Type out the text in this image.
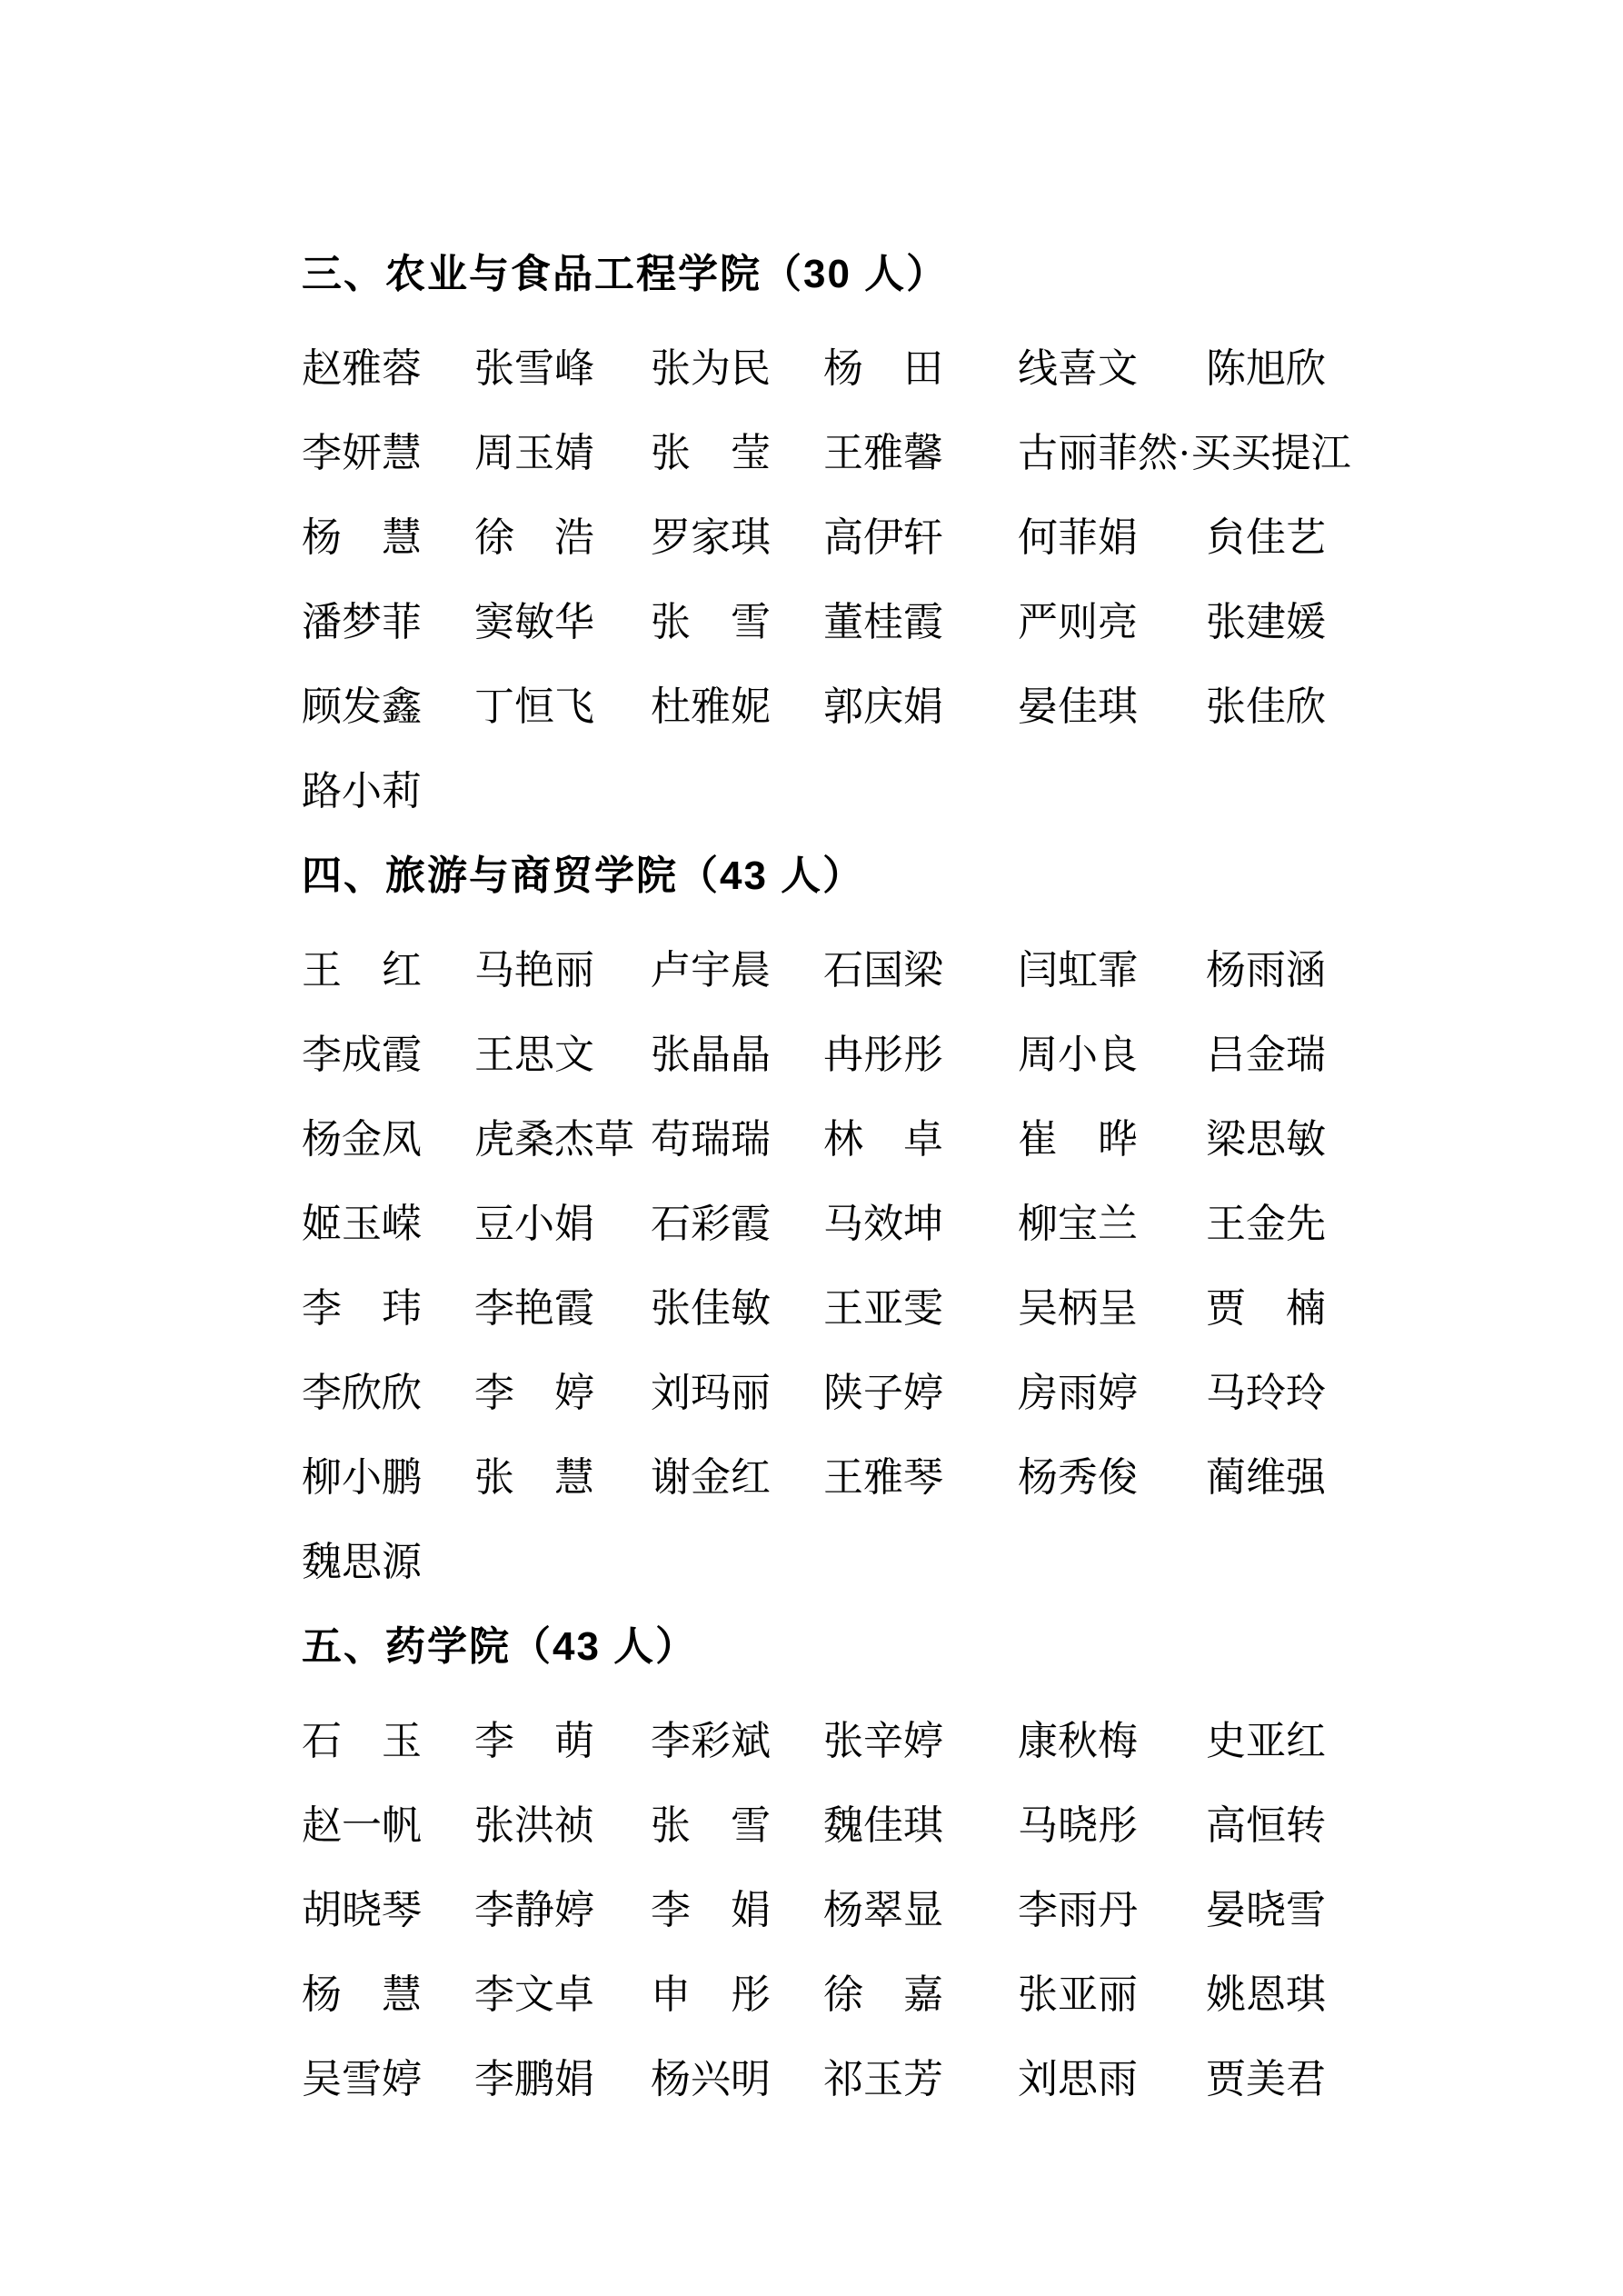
三、农业与食品工程学院（30 人）
赵雅蓉	张雪峰	张为民	杨　田	线喜文	陈旭欣
李妍慧	周玉婧	张　莹	王雅馨	古丽菲然·买买提江
杨　慧	徐　浩	罗家琪	高伊轩	何菲娟	贠佳艺
潘梦菲	窦敏华	张　雪	董桂霞	严则亮	张建媛
顾发鑫	丁恒飞	杜雅妮	郭庆娟	晏佳琪	张佳欣
路小莉
四、旅游与商贸学院（43 人）
王　红	马艳丽	卢宇晨	石国梁	闫虹霏	杨雨涵
李成霞	王思文	张晶晶	冉彤彤	周小良	吕金瑞
杨金凤	虎桑杰草 苟瑞瑞	林　卓	崔　晔	梁思敏
姬玉嵘	豆小娟	石彩霞	马效坤	柳宝兰	王金先
李　玮	李艳霞	张佳敏	王亚雯	吴柄呈	贾　楠
李欣欣	李　婷	刘玛丽	陕子婷	房雨婷	马玲玲
柳小鹏	张　慧	谢金红	王雅琴	杨秀俊	蔺维强
魏思源
五、药学院（43 人）
石　玉	李　萌	李彩斌	张辛婷	康秋梅	史亚红
赵一帆	张洪祯	张　雪	魏佳琪	马晓彤	高恒转
胡晓琴	李静婷	李　娟	杨翠显	李雨丹	晏晓雪
杨　慧	李文卓	申　彤	徐　嘉	张亚丽	姚恩琪
吴雪婷	李鹏娟	杨兴明	祁玉芳	刘思雨	贾美君
